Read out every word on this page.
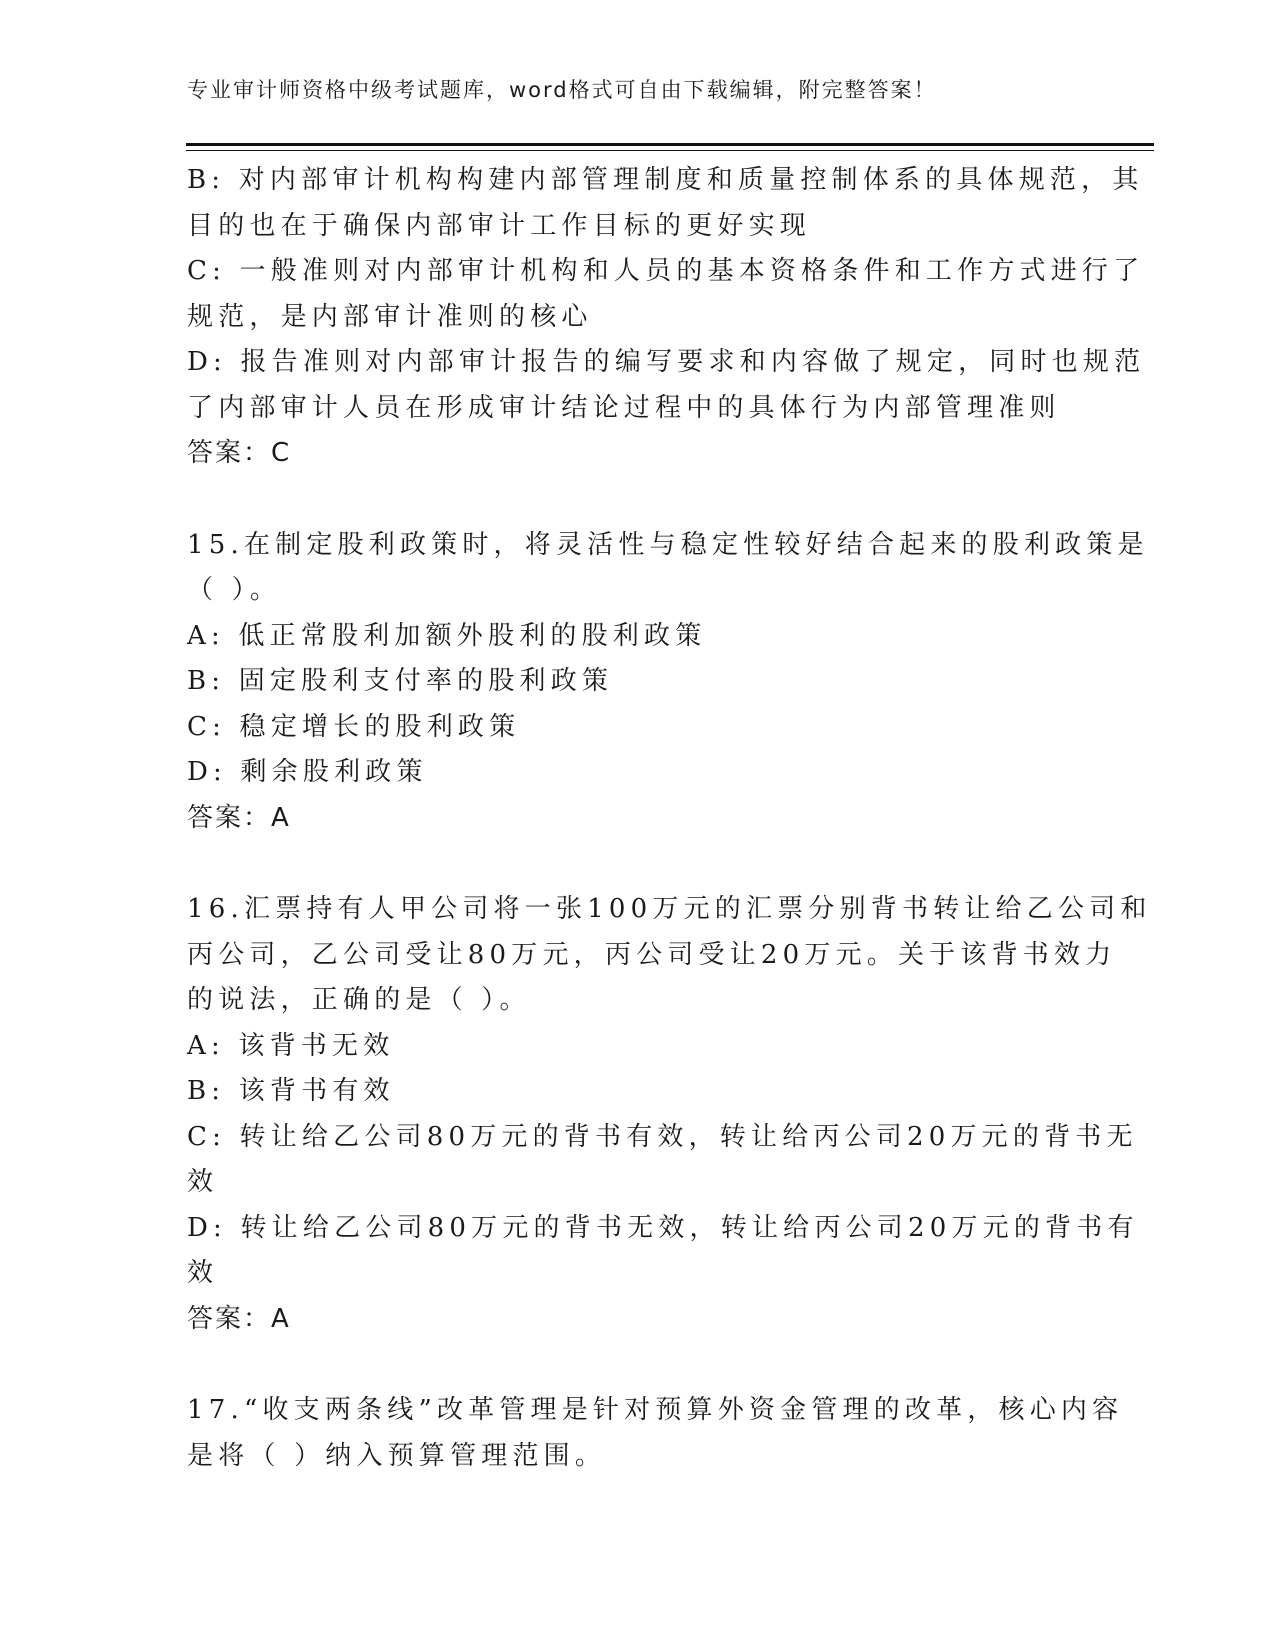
专业审计师资格中级考试题库，word格式可自由下载编辑，附完整答案！
B: 对内部审计机构构建内部管理制度和质量控制体系的具体规范，其
目的也在于确保内部审计工作目标的更好实现
C: 一般准则对内部审计机构和人员的基本资格条件和工作方式进行了
规范，是内部审计准则的核心
D: 报告准则对内部审计报告的编写要求和内容做了规定，同时也规范
了内部审计人员在形成审计结论过程中的具体行为内部管理准则
答案：C
15.在制定股利政策时，将灵活性与稳定性较好结合起来的股利政策是
（ ）。
A: 低正常股利加额外股利的股利政策
B: 固定股利支付率的股利政策
C: 稳定增长的股利政策
D: 剩余股利政策
答案：A
16.汇票持有人甲公司将一张100万元的汇票分别背书转让给乙公司和
丙公司，乙公司受让80万元，丙公司受让20万元。关于该背书效力
的说法，正确的是（ ）。
A: 该背书无效
B: 该背书有效
C: 转让给乙公司80万元的背书有效，转让给丙公司20万元的背书无
效
D: 转让给乙公司80万元的背书无效，转让给丙公司20万元的背书有
效
答案：A
17.“收支两条线”改革管理是针对预算外资金管理的改革，核心内容
是将（ ）纳入预算管理范围。
